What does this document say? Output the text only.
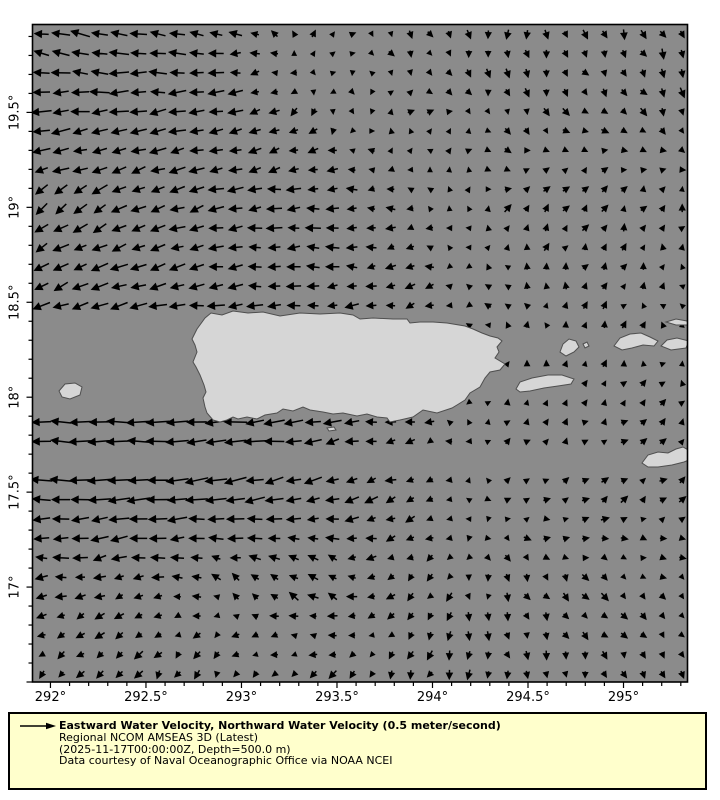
292°	292.5°	293°	293.5°	294°	294.5°	295°
19.5°
19°
18.5°
18°
17.5°
17°
Eastward Water Velocity, Northward Water Velocity (0.5 meter/second)
Regional NCOM AMSEAS 3D (Latest)
(2025-11-17T00:00:00Z, Depth=500.0 m)
Data courtesy of Naval Oceanographic Office via NOAA NCEI
